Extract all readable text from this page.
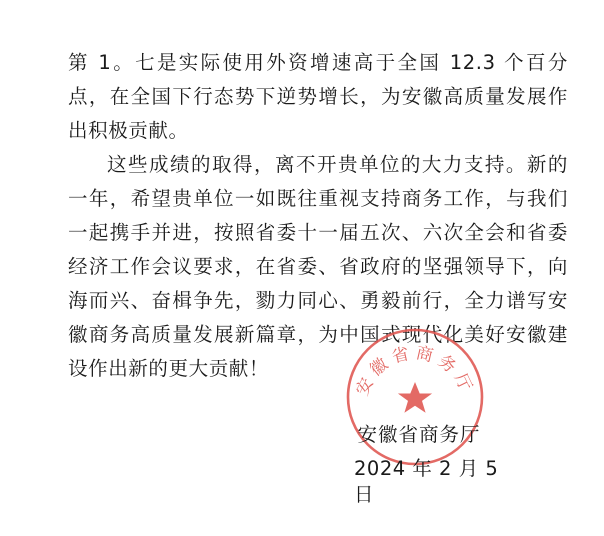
第 1。七是实际使用外资增速高于全国 12.3 个百分点，在全国下行态势下逆势增长，为安徽高质量发展作出积极贡献。

这些成绩的取得，离不开贵单位的大力支持。新的一年，希望贵单位一如既往重视支持商务工作，与我们一起携手并进，按照省委十一届五次、六次全会和省委经济工作会议要求，在省委、省政府的坚强领导下，向海而兴、奋楫争先，勠力同心、勇毅前行，全力谱写安徽商务高质量发展新篇章，为中国式现代化美好安徽建设作出新的更大贡献！

安徽省商务厅
安徽省商务厅
2024 年 2 月 5 日
